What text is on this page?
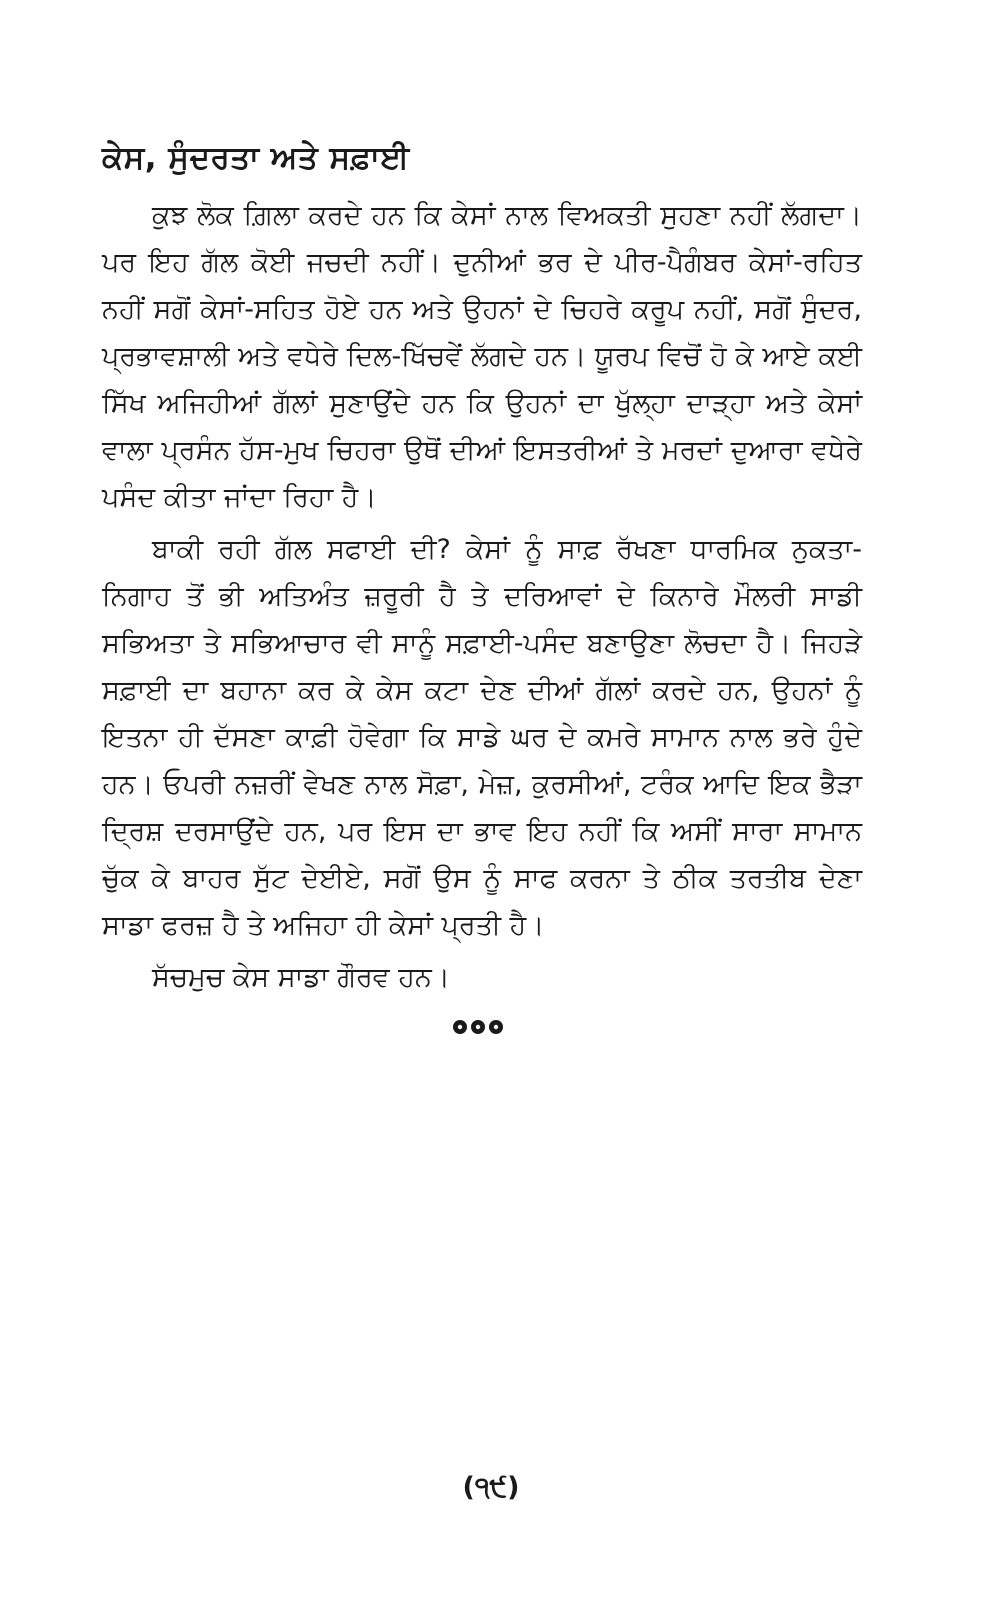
ਕੇਸ, ਸੁੰਦਰਤਾ ਅਤੇ ਸਫ਼ਾਈ

ਕੁਝ ਲੋਕ ਗ਼ਿਲਾ ਕਰਦੇ ਹਨ ਕਿ ਕੇਸਾਂ ਨਾਲ ਵਿਅਕਤੀ ਸੁਹਣਾ ਨਹੀਂ ਲੱਗਦਾ। ਪਰ ਇਹ ਗੱਲ ਕੋਈ ਜਚਦੀ ਨਹੀਂ। ਦੁਨੀਆਂ ਭਰ ਦੇ ਪੀਰ-ਪੈਗੰਬਰ ਕੇਸਾਂ-ਰਹਿਤ ਨਹੀਂ ਸਗੋਂ ਕੇਸਾਂ-ਸਹਿਤ ਹੋਏ ਹਨ ਅਤੇ ਉਹਨਾਂ ਦੇ ਚਿਹਰੇ ਕਰੂਪ ਨਹੀਂ, ਸਗੋਂ ਸੁੰਦਰ, ਪ੍ਰਭਾਵਸ਼ਾਲੀ ਅਤੇ ਵਧੇਰੇ ਦਿਲ-ਖਿੱਚਵੇਂ ਲੱਗਦੇ ਹਨ। ਯੂਰਪ ਵਿਚੋਂ ਹੋ ਕੇ ਆਏ ਕਈ ਸਿੱਖ ਅਜਿਹੀਆਂ ਗੱਲਾਂ ਸੁਣਾਉਂਦੇ ਹਨ ਕਿ ਉਹਨਾਂ ਦਾ ਖੁੱਲ੍ਹਾ ਦਾੜ੍ਹਾ ਅਤੇ ਕੇਸਾਂ ਵਾਲਾ ਪ੍ਰਸੰਨ ਹੱਸ-ਮੁਖ ਚਿਹਰਾ ਉਥੋਂ ਦੀਆਂ ਇਸਤਰੀਆਂ ਤੇ ਮਰਦਾਂ ਦੁਆਰਾ ਵਧੇਰੇ ਪਸੰਦ ਕੀਤਾ ਜਾਂਦਾ ਰਿਹਾ ਹੈ।

ਬਾਕੀ ਰਹੀ ਗੱਲ ਸਫਾਈ ਦੀ? ਕੇਸਾਂ ਨੂੰ ਸਾਫ਼ ਰੱਖਣਾ ਧਾਰਮਿਕ ਨੁਕਤਾ-ਨਿਗਾਹ ਤੋਂ ਭੀ ਅਤਿਅੰਤ ਜ਼ਰੂਰੀ ਹੈ ਤੇ ਦਰਿਆਵਾਂ ਦੇ ਕਿਨਾਰੇ ਮੌਲਰੀ ਸਾਡੀ ਸਭਿਅਤਾ ਤੇ ਸਭਿਆਚਾਰ ਵੀ ਸਾਨੂੰ ਸਫ਼ਾਈ-ਪਸੰਦ ਬਣਾਉਣਾ ਲੋਚਦਾ ਹੈ। ਜਿਹੜੇ ਸਫ਼ਾਈ ਦਾ ਬਹਾਨਾ ਕਰ ਕੇ ਕੇਸ ਕਟਾ ਦੇਣ ਦੀਆਂ ਗੱਲਾਂ ਕਰਦੇ ਹਨ, ਉਹਨਾਂ ਨੂੰ ਇਤਨਾ ਹੀ ਦੱਸਣਾ ਕਾਫ਼ੀ ਹੋਵੇਗਾ ਕਿ ਸਾਡੇ ਘਰ ਦੇ ਕਮਰੇ ਸਾਮਾਨ ਨਾਲ ਭਰੇ ਹੁੰਦੇ ਹਨ। ਓਪਰੀ ਨਜ਼ਰੀਂ ਵੇਖਣ ਨਾਲ ਸੋਫ਼ਾ, ਮੇਜ਼, ਕੁਰਸੀਆਂ, ਟਰੰਕ ਆਦਿ ਇਕ ਭੈੜਾ ਦ੍ਰਿਸ਼ ਦਰਸਾਉਂਦੇ ਹਨ, ਪਰ ਇਸ ਦਾ ਭਾਵ ਇਹ ਨਹੀਂ ਕਿ ਅਸੀਂ ਸਾਰਾ ਸਾਮਾਨ ਚੁੱਕ ਕੇ ਬਾਹਰ ਸੁੱਟ ਦੇਈਏ, ਸਗੋਂ ਉਸ ਨੂੰ ਸਾਫ ਕਰਨਾ ਤੇ ਠੀਕ ਤਰਤੀਬ ਦੇਣਾ ਸਾਡਾ ਫਰਜ਼ ਹੈ ਤੇ ਅਜਿਹਾ ਹੀ ਕੇਸਾਂ ਪ੍ਰਤੀ ਹੈ।

ਸੱਚਮੁਚ ਕੇਸ ਸਾਡਾ ਗੌਰਵ ਹਨ।

(੧੯)
